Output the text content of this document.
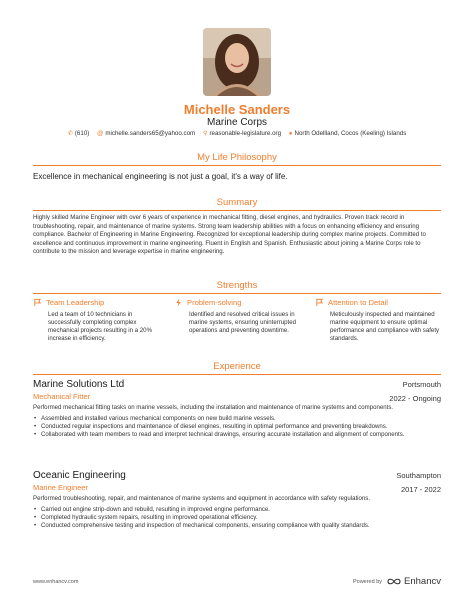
Michelle Sanders
Marine Corps
✆ (610) @ michelle.sanders65@yahoo.com ⚲ reasonable-legislature.org ● North Odellland, Cocos (Keeling) Islands
My Life Philosophy
Excellence in mechanical engineering is not just a goal, it's a way of life.
Summary
Highly skilled Marine Engineer with over 6 years of experience in mechanical fitting, diesel engines, and hydraulics. Proven track record in troubleshooting, repair, and maintenance of marine systems. Strong team leadership abilities with a focus on enhancing efficiency and ensuring compliance. Bachelor of Engineering in Marine Engineering. Recognized for exceptional leadership during complex marine projects. Committed to excellence and continuous improvement in marine engineering. Fluent in English and Spanish. Enthusiastic about joining a Marine Corps role to contribute to the mission and leverage expertise in marine engineering.
Strengths
Team Leadership
Led a team of 10 technicians in successfully completing complex mechanical projects resulting in a 20% increase in efficiency.
Problem-solving
Identified and resolved critical issues in marine systems, ensuring uninterrupted operations and preventing downtime.
Attention to Detail
Meticulously inspected and maintained marine equipment to ensure optimal performance and compliance with safety standards.
Experience
Marine Solutions Ltd	Portsmouth
Mechanical Fitter	2022 - Ongoing
Performed mechanical fitting tasks on marine vessels, including the installation and maintenance of marine systems and components.
• Assembled and installed various mechanical components on new build marine vessels.
• Conducted regular inspections and maintenance of diesel engines, resulting in optimal performance and preventing breakdowns.
• Collaborated with team members to read and interpret technical drawings, ensuring accurate installation and alignment of components.
Oceanic Engineering	Southampton
Marine Engineer	2017 - 2022
Performed troubleshooting, repair, and maintenance of marine systems and equipment in accordance with safety regulations.
• Carried out engine strip-down and rebuild, resulting in improved engine performance.
• Completed hydraulic system repairs, resulting in improved operational efficiency.
• Conducted comprehensive testing and inspection of mechanical components, ensuring compliance with quality standards.
www.enhancv.com	Powered by Enhancv
